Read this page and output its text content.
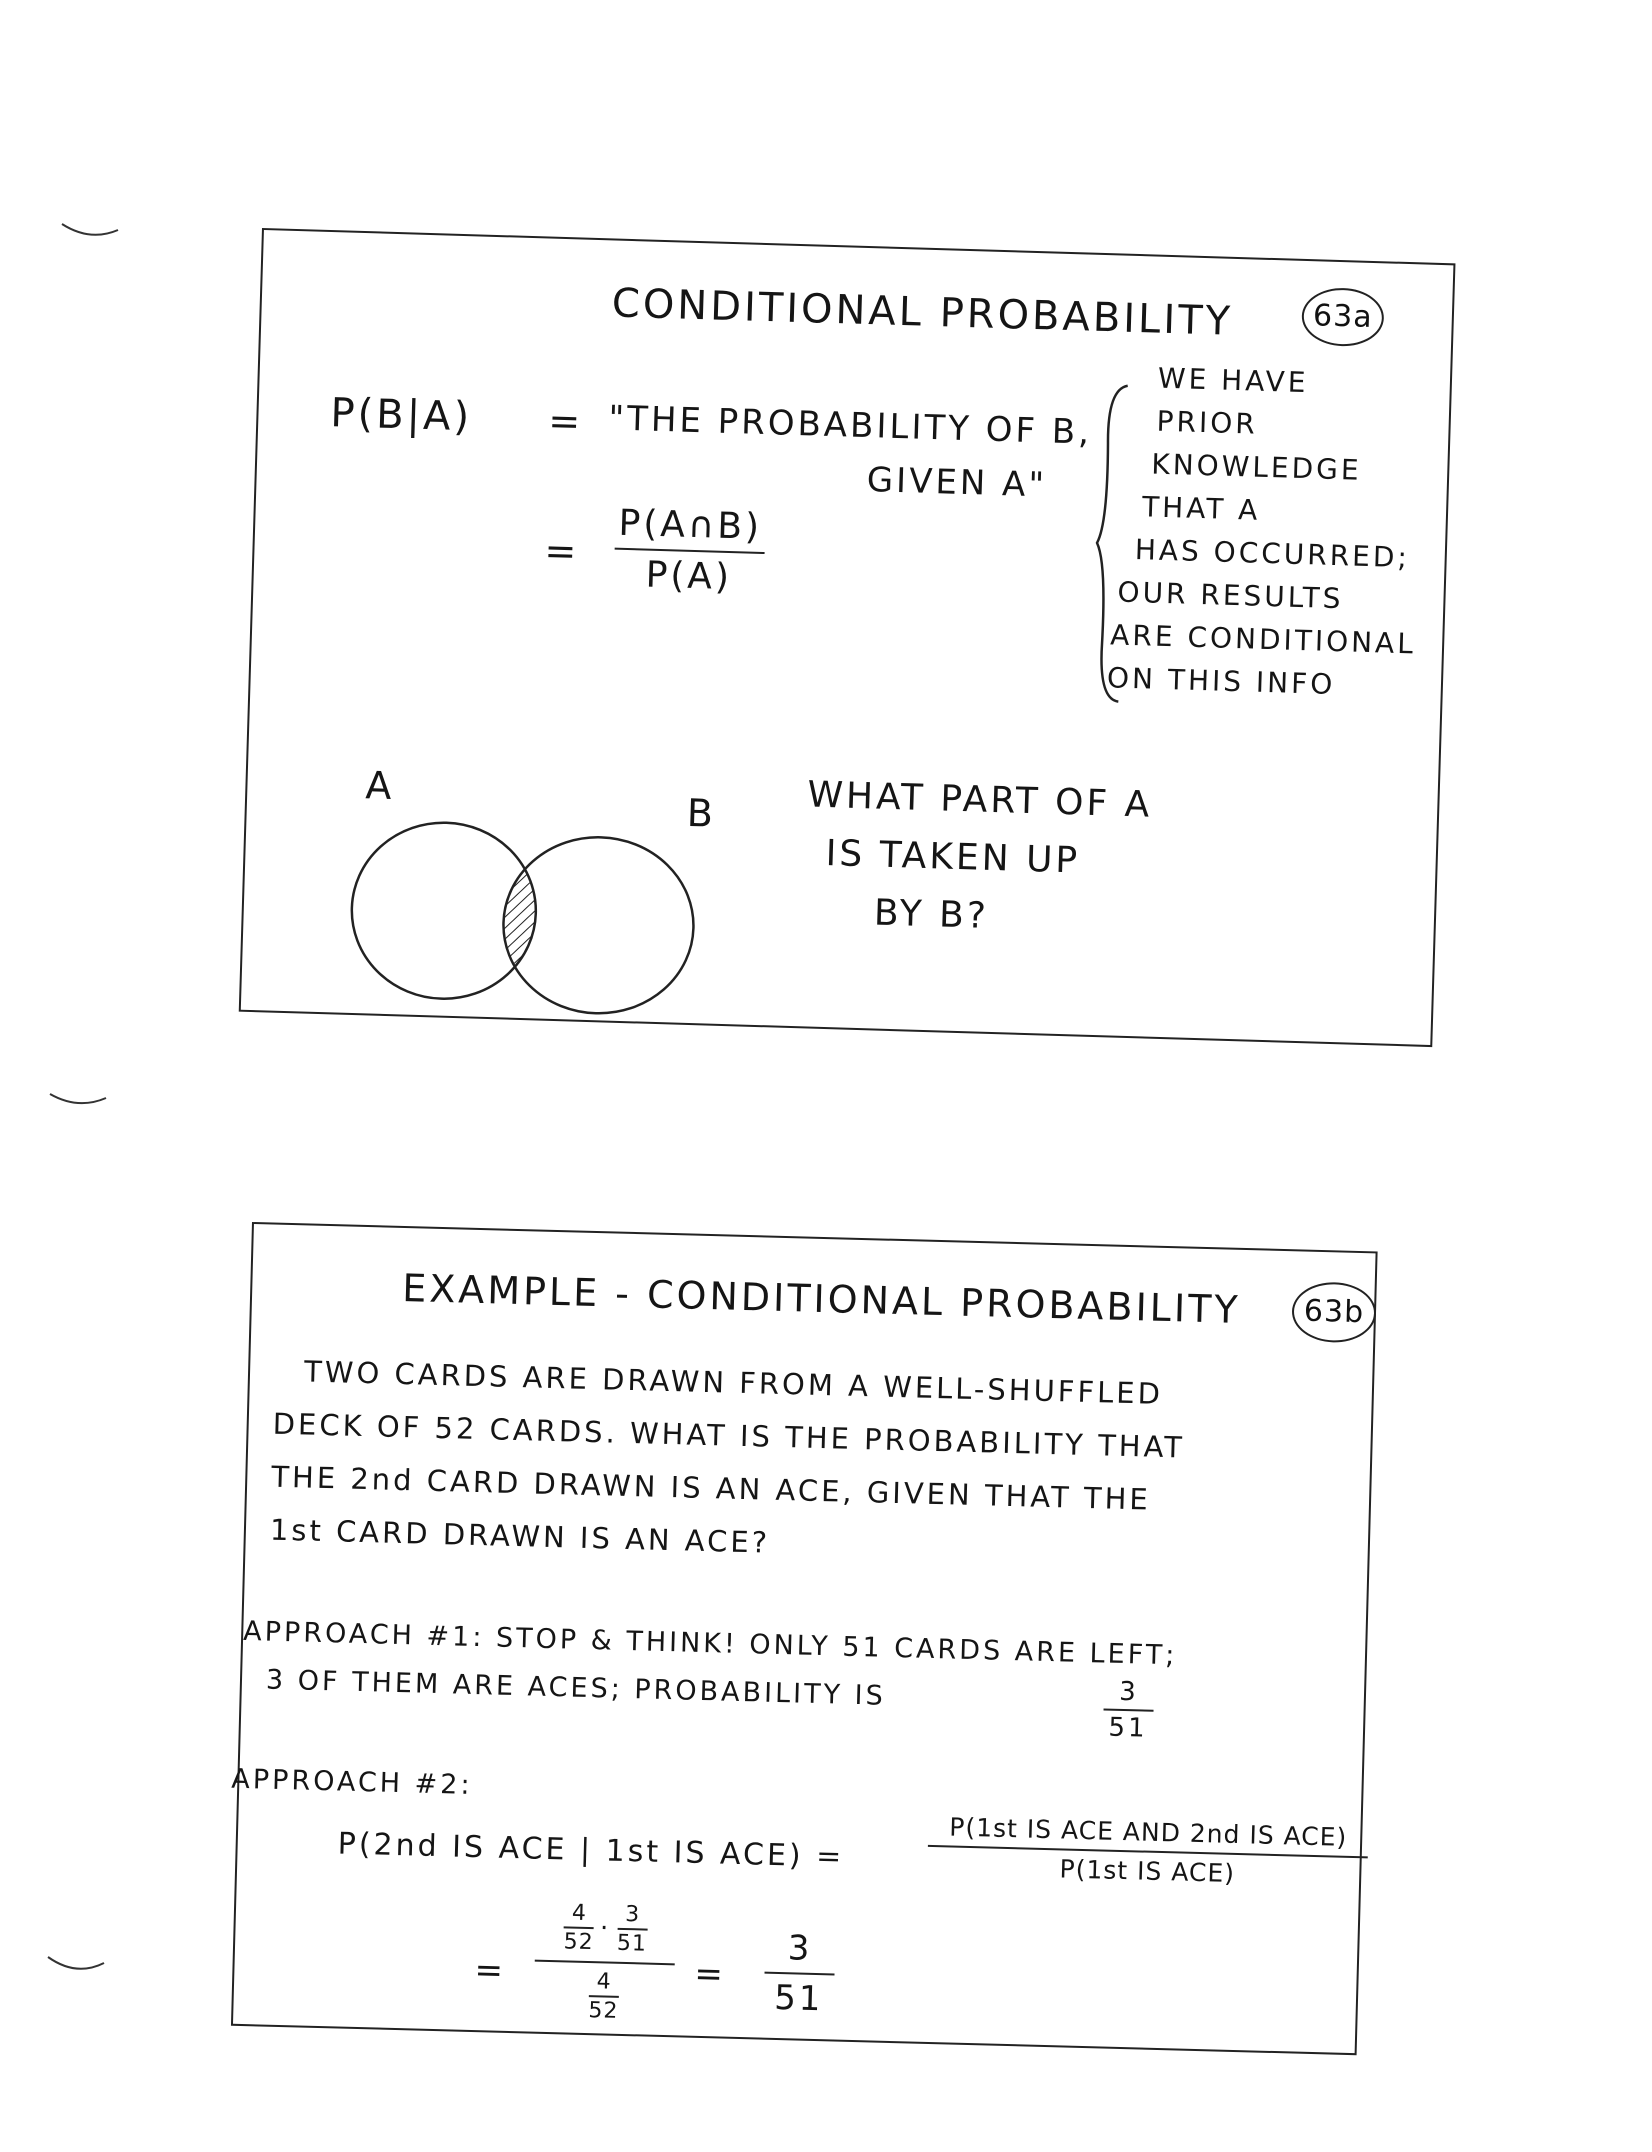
CONDITIONAL PROBABILITY	63a
P(B|A) = "THE PROBABILITY OF B,
GIVEN A"
=
P(A∩B)
P(A)
WE HAVE
PRIOR
KNOWLEDGE
THAT A
HAS OCCURRED;
OUR RESULTS
ARE CONDITIONAL
ON THIS INFO
A
B	WHAT PART OF A
IS TAKEN UP
BY B?
EXAMPLE - CONDITIONAL PROBABILITY	63b
TWO CARDS ARE DRAWN FROM A WELL-SHUFFLED
DECK OF 52 CARDS. WHAT IS THE PROBABILITY THAT
THE 2nd CARD DRAWN IS AN ACE, GIVEN THAT THE
1st CARD DRAWN IS AN ACE?
APPROACH #1: STOP & THINK! ONLY 51 CARDS ARE LEFT;
3 OF THEM ARE ACES; PROBABILITY IS	3
51
APPROACH #2:
P(2nd IS ACE | 1st IS ACE) =	P(1st IS ACE AND 2nd IS ACE)
P(1st IS ACE)
=
$\frac{4}{52} \cdot \frac{3}{51}$
$\frac{4}{52}$ =
3
51
